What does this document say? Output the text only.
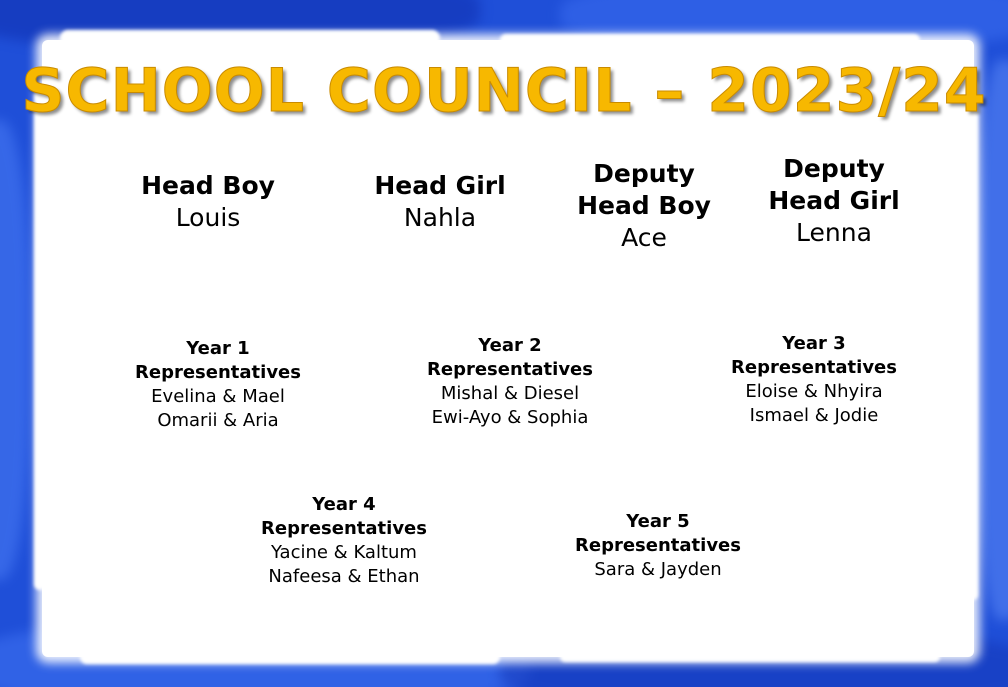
SCHOOL COUNCIL – 2023/24
Head Boy
Louis
Head Girl
Nahla
Deputy
Head Boy
Ace
Deputy
Head Girl
Lenna
Year 1
Representatives
Evelina & Mael
Omarii & Aria
Year 2
Representatives
Mishal & Diesel
Ewi-Ayo & Sophia
Year 3
Representatives
Eloise & Nhyira
Ismael & Jodie
Year 4
Representatives
Yacine & Kaltum
Nafeesa & Ethan
Year 5
Representatives
Sara & Jayden
